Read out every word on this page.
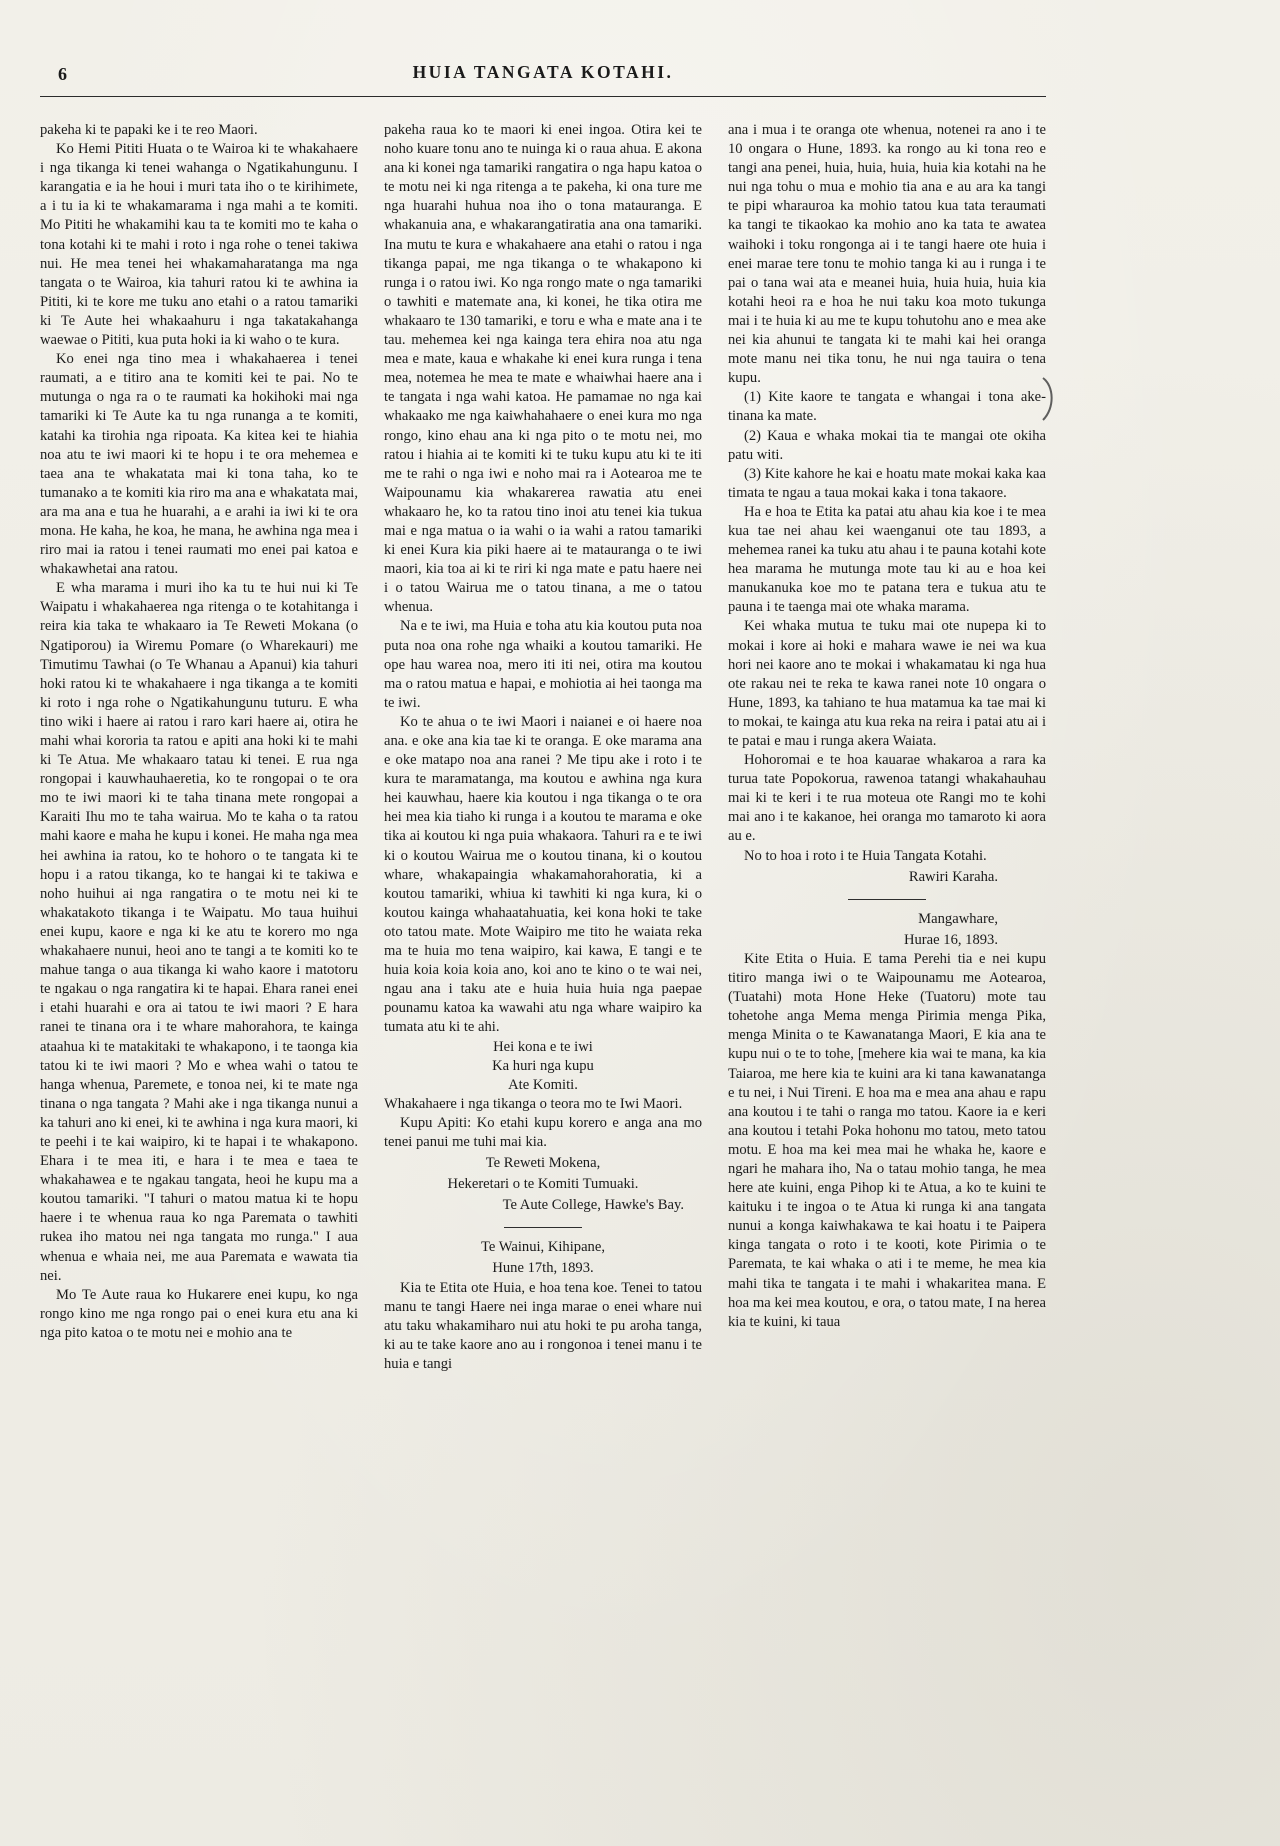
6	HUIA TANGATA KOTAHI.

pakeha ki te papaki ke i te reo Maori.

Ko Hemi Pititi Huata o te Wairoa ki te whakahaere i nga tikanga ki tenei wahanga o Ngatikahungunu. I karangatia e ia he houi i muri tata iho o te kirihimete, a i tu ia ki te whakamarama i nga mahi a te komiti. Mo Pititi he whakamihi kau ta te komiti mo te kaha o tona kotahi ki te mahi i roto i nga rohe o tenei takiwa nui. He mea tenei hei whakamaharatanga ma nga tangata o te Wairoa, kia tahuri ratou ki te awhina ia Pititi, ki te kore me tuku ano etahi o a ratou tamariki ki Te Aute hei whakaahuru i nga takatakahanga waewae o Pititi, kua puta hoki ia ki waho o te kura.

Ko enei nga tino mea i whakahaerea i tenei raumati, a e titiro ana te komiti kei te pai. No te mutunga o nga ra o te raumati ka hokihoki mai nga tamariki ki Te Aute ka tu nga runanga a te komiti, katahi ka tirohia nga ripoata. Ka kitea kei te hiahia noa atu te iwi maori ki te hopu i te ora mehemea e taea ana te whakatata mai ki tona taha, ko te tumanako a te komiti kia riro ma ana e whakatata mai, ara ma ana e tua he huarahi, a e arahi ia iwi ki te ora mona. He kaha, he koa, he mana, he awhina nga mea i riro mai ia ratou i tenei raumati mo enei pai katoa e whakawhetai ana ratou.

E wha marama i muri iho ka tu te hui nui ki Te Waipatu i whakahaerea nga ritenga o te kotahitanga i reira kia taka te whakaaro ia Te Reweti Mokana (o Ngatiporou) ia Wiremu Pomare (o Wharekauri) me Timutimu Tawhai (o Te Whanau a Apanui) kia tahuri hoki ratou ki te whakahaere i nga tikanga a te komiti ki roto i nga rohe o Ngatikahungunu tuturu. E wha tino wiki i haere ai ratou i raro kari haere ai, otira he mahi whai kororia ta ratou e apiti ana hoki ki te mahi ki Te Atua. Me whakaaro tatau ki tenei. E rua nga rongopai i kauwhauhaeretia, ko te rongopai o te ora mo te iwi maori ki te taha tinana mete rongopai a Karaiti Ihu mo te taha wairua. Mo te kaha o ta ratou mahi kaore e maha he kupu i konei. He maha nga mea hei awhina ia ratou, ko te hohoro o te tangata ki te hopu i a ratou tikanga, ko te hangai ki te takiwa e noho huihui ai nga rangatira o te motu nei ki te whakatakoto tikanga i te Waipatu. Mo taua huihui enei kupu, kaore e nga ki ke atu te korero mo nga whakahaere nunui, heoi ano te tangi a te komiti ko te mahue tanga o aua tikanga ki waho kaore i matotoru te ngakau o nga rangatira ki te hapai. Ehara ranei enei i etahi huarahi e ora ai tatou te iwi maori ? E hara ranei te tinana ora i te whare mahorahora, te kainga ataahua ki te matakitaki te whakapono, i te taonga kia tatou ki te iwi maori ? Mo e whea wahi o tatou te hanga whenua, Paremete, e tonoa nei, ki te mate nga tinana o nga tangata ? Mahi ake i nga tikanga nunui a ka tahuri ano ki enei, ki te awhina i nga kura maori, ki te peehi i te kai waipiro, ki te hapai i te whakapono. Ehara i te mea iti, e hara i te mea e taea te whakahawea e te ngakau tangata, heoi he kupu ma a koutou tamariki. "I tahuri o matou matua ki te hopu haere i te whenua raua ko nga Paremata o tawhiti rukea iho matou nei nga tangata mo runga." I aua whenua e whaia nei, me aua Paremata e wawata tia nei.

Mo Te Aute raua ko Hukarere enei kupu, ko nga rongo kino me nga rongo pai o enei kura etu ana ki nga pito katoa o te motu nei e mohio ana te

pakeha raua ko te maori ki enei ingoa. Otira kei te noho kuare tonu ano te nuinga ki o raua ahua. E akona ana ki konei nga tamariki rangatira o nga hapu katoa o te motu nei ki nga ritenga a te pakeha, ki ona ture me nga huarahi huhua noa iho o tona matauranga. E whakanuia ana, e whakarangatiratia ana ona tamariki. Ina mutu te kura e whakahaere ana etahi o ratou i nga tikanga papai, me nga tikanga o te whakapono ki runga i o ratou iwi. Ko nga rongo mate o nga tamariki o tawhiti e matemate ana, ki konei, he tika otira me whakaaro te 130 tamariki, e toru e wha e mate ana i te tau. mehemea kei nga kainga tera ehira noa atu nga mea e mate, kaua e whakahe ki enei kura runga i tena mea, notemea he mea te mate e whaiwhai haere ana i te tangata i nga wahi katoa. He pamamae no nga kai whakaako me nga kaiwhahahaere o enei kura mo nga rongo, kino ehau ana ki nga pito o te motu nei, mo ratou i hiahia ai te komiti ki te tuku kupu atu ki te iti me te rahi o nga iwi e noho mai ra i Aotearoa me te Waipounamu kia whakarerea rawatia atu enei whakaaro he, ko ta ratou tino inoi atu tenei kia tukua mai e nga matua o ia wahi o ia wahi a ratou tamariki ki enei Kura kia piki haere ai te matauranga o te iwi maori, kia toa ai ki te riri ki nga mate e patu haere nei i o tatou Wairua me o tatou tinana, a me o tatou whenua.

Na e te iwi, ma Huia e toha atu kia koutou puta noa puta noa ona rohe nga whaiki a koutou tamariki. He ope hau warea noa, mero iti iti nei, otira ma koutou ma o ratou matua e hapai, e mohiotia ai hei taonga ma te iwi.

Ko te ahua o te iwi Maori i naianei e oi haere noa ana. e oke ana kia tae ki te oranga. E oke marama ana e oke matapo noa ana ranei ? Me tipu ake i roto i te kura te maramatanga, ma koutou e awhina nga kura hei kauwhau, haere kia koutou i nga tikanga o te ora hei mea kia tiaho ki runga i a koutou te marama e oke tika ai koutou ki nga puia whakaora. Tahuri ra e te iwi ki o koutou Wairua me o koutou tinana, ki o koutou whare, whakapaingia whakamahorahoratia, ki a koutou tamariki, whiua ki tawhiti ki nga kura, ki o koutou kainga whahaatahuatia, kei kona hoki te take oto tatou mate. Mote Waipiro me tito he waiata reka ma te huia mo tena waipiro, kai kawa, E tangi e te huia koia koia koia ano, koi ano te kino o te wai nei, ngau ana i taku ate e huia huia huia nga paepae pounamu katoa ka wawahi atu nga whare waipiro ka tumata atu ki te ahi.

Hei kona e te iwi

Ka huri nga kupu

Ate Komiti.

Whakahaere i nga tikanga o teora mo te Iwi Maori.

Kupu Apiti: Ko etahi kupu korero e anga ana mo tenei panui me tuhi mai kia.

Te Reweti Mokena,

Hekeretari o te Komiti Tumuaki.

Te Aute College, Hawke's Bay.

Te Wainui, Kihipane,

Hune 17th, 1893.

Kia te Etita ote Huia, e hoa tena koe. Tenei to tatou manu te tangi Haere nei inga marae o enei whare nui atu taku whakamiharo nui atu hoki te pu aroha tanga, ki au te take kaore ano au i rongonoa i tenei manu i te huia e tangi

ana i mua i te oranga ote whenua, notenei ra ano i te 10 ongara o Hune, 1893. ka rongo au ki tona reo e tangi ana penei, huia, huia, huia, huia kia kotahi na he nui nga tohu o mua e mohio tia ana e au ara ka tangi te pipi wharauroa ka mohio tatou kua tata teraumati ka tangi te tikaokao ka mohio ano ka tata te awatea waihoki i toku rongonga ai i te tangi haere ote huia i enei marae tere tonu te mohio tanga ki au i runga i te pai o tana wai ata e meanei huia, huia huia, huia kia kotahi heoi ra e hoa he nui taku koa moto tukunga mai i te huia ki au me te kupu tohutohu ano e mea ake nei kia ahunui te tangata ki te mahi kai hei oranga mote manu nei tika tonu, he nui nga tauira o tena kupu.

(1) Kite kaore te tangata e whangai i tona ake-tinana ka mate.

(2) Kaua e whaka mokai tia te mangai ote okiha patu witi.

(3) Kite kahore he kai e hoatu mate mokai kaka kaa timata te ngau a taua mokai kaka i tona takaore.

Ha e hoa te Etita ka patai atu ahau kia koe i te mea kua tae nei ahau kei waenganui ote tau 1893, a mehemea ranei ka tuku atu ahau i te pauna kotahi kote hea marama he mutunga mote tau ki au e hoa kei manukanuka koe mo te patana tera e tukua atu te pauna i te taenga mai ote whaka marama.

Kei whaka mutua te tuku mai ote nupepa ki to mokai i kore ai hoki e mahara wawe ie nei wa kua hori nei kaore ano te mokai i whakamatau ki nga hua ote rakau nei te reka te kawa ranei note 10 ongara o Hune, 1893, ka tahiano te hua matamua ka tae mai ki to mokai, te kainga atu kua reka na reira i patai atu ai i te patai e mau i runga akera Waiata.

Hohoromai e te hoa kauarae whakaroa a rara ka turua tate Popokorua, rawenoa tatangi whakahauhau mai ki te keri i te rua moteua ote Rangi mo te kohi mai ano i te kakanoe, hei oranga mo tamaroto ki aora au e.

No to hoa i roto i te Huia Tangata Kotahi.

Rawiri Karaha.

Mangawhare,

Hurae 16, 1893.

Kite Etita o Huia. E tama Perehi tia e nei kupu titiro manga iwi o te Waipounamu me Aotearoa, (Tuatahi) mota Hone Heke (Tuatoru) mote tau tohetohe anga Mema menga Pirimia menga Pika, menga Minita o te Kawanatanga Maori, E kia ana te kupu nui o te to tohe, [mehere kia wai te mana, ka kia Taiaroa, me here kia te kuini ara ki tana kawanatanga e tu nei, i Nui Tireni. E hoa ma e mea ana ahau e rapu ana koutou i te tahi o ranga mo tatou. Kaore ia e keri ana koutou i tetahi Poka hohonu mo tatou, meto tatou motu. E hoa ma kei mea mai he whaka he, kaore e ngari he mahara iho, Na o tatau mohio tanga, he mea here ate kuini, enga Pihop ki te Atua, a ko te kuini te kaituku i te ingoa o te Atua ki runga ki ana tangata nunui a konga kaiwhakawa te kai hoatu i te Paipera kinga tangata o roto i te kooti, kote Pirimia o te Paremata, te kai whaka o ati i te meme, he mea kia mahi tika te tangata i te mahi i whakaritea mana. E hoa ma kei mea koutou, e ora, o tatou mate, I na herea kia te kuini, ki taua
